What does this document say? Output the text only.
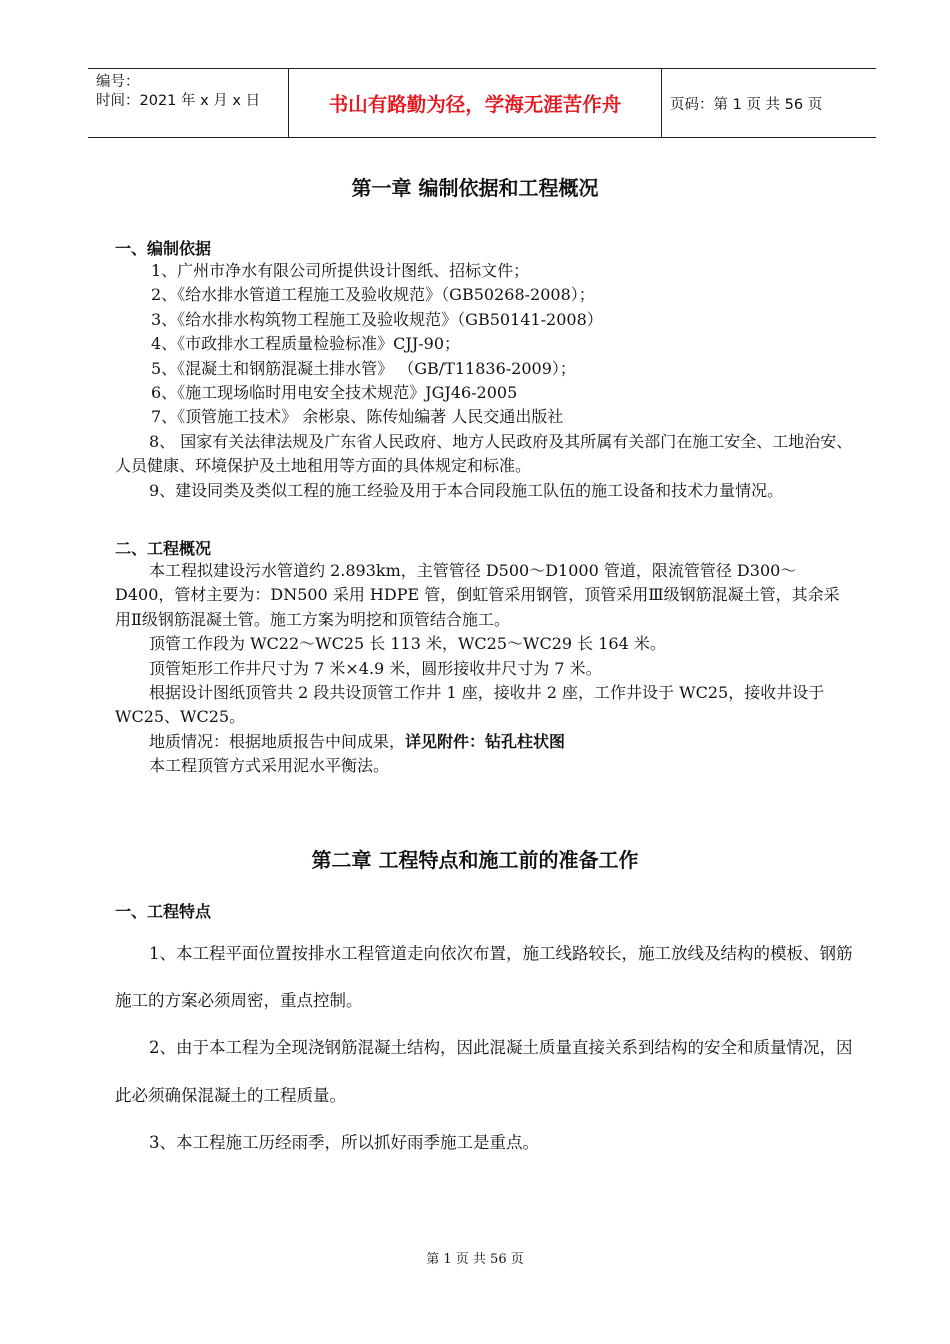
编号：
时间：2021 年 x 月 x 日	书山有路勤为径，学海无涯苦作舟	页码：第 1 页 共 56 页
第一章 编制依据和工程概况
一、编制依据

1、广州市净水有限公司所提供设计图纸、招标文件；

2、《给水排水管道工程施工及验收规范》（GB50268-2008）；

3、《给水排水构筑物工程施工及验收规范》（GB50141-2008）

4、《市政排水工程质量检验标准》CJJ-90；

5、《混凝土和钢筋混凝土排水管》 （GB/T11836-2009）；

6、《施工现场临时用电安全技术规范》JGJ46-2005

7、《顶管施工技术》 余彬泉、陈传灿编著 人民交通出版社

8、 国家有关法律法规及广东省人民政府、地方人民政府及其所属有关部门在施工安全、工地治安、人员健康、环境保护及土地租用等方面的具体规定和标准。

9、建设同类及类似工程的施工经验及用于本合同段施工队伍的施工设备和技术力量情况。

二、工程概况

本工程拟建设污水管道约 2.893km，主管管径 D500～D1000 管道，限流管管径 D300～D400，管材主要为：DN500 采用 HDPE 管，倒虹管采用钢管，顶管采用Ⅲ级钢筋混凝土管，其余采用Ⅱ级钢筋混凝土管。施工方案为明挖和顶管结合施工。

顶管工作段为 WC22～WC25 长 113 米，WC25～WC29 长 164 米。

顶管矩形工作井尺寸为 7 米×4.9 米，圆形接收井尺寸为 7 米。

根据设计图纸顶管共 2 段共设顶管工作井 1 座，接收井 2 座，工作井设于 WC25，接收井设于 WC25、WC25。

地质情况：根据地质报告中间成果，详见附件：钻孔柱状图

本工程顶管方式采用泥水平衡法。

第二章 工程特点和施工前的准备工作
一、工程特点

1、本工程平面位置按排水工程管道走向依次布置，施工线路较长，施工放线及结构的模板、钢筋施工的方案必须周密，重点控制。

2、由于本工程为全现浇钢筋混凝土结构，因此混凝土质量直接关系到结构的安全和质量情况，因此必须确保混凝土的工程质量。

3、本工程施工历经雨季，所以抓好雨季施工是重点。

第 1 页 共 56 页
